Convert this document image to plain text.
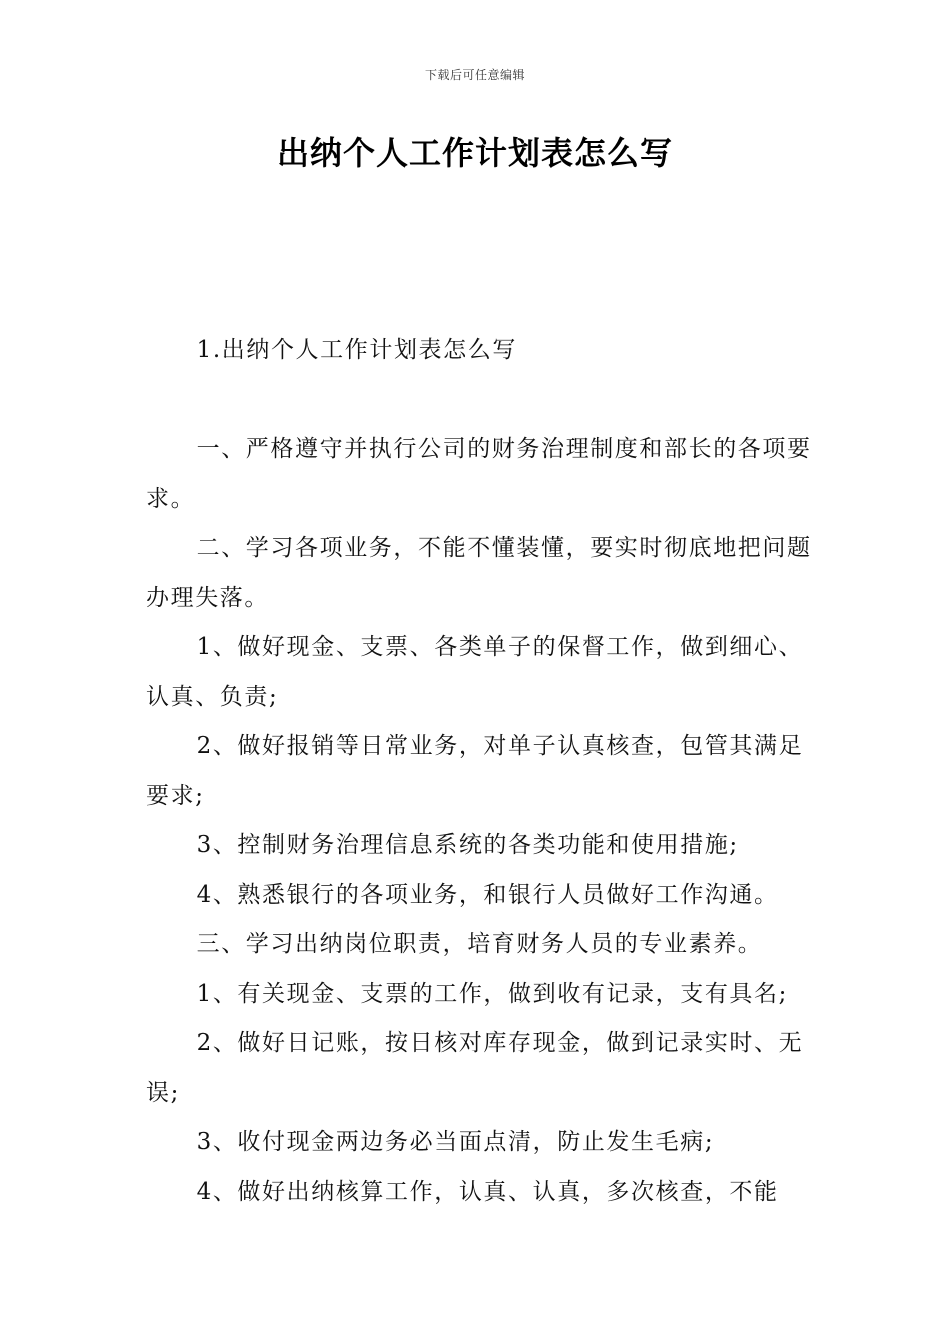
下载后可任意编辑
出纳个人工作计划表怎么写

1.出纳个人工作计划表怎么写

一、严格遵守并执行公司的财务治理制度和部长的各项要求。

二、学习各项业务，不能不懂装懂，要实时彻底地把问题办理失落。

1、做好现金、支票、各类单子的保督工作，做到细心、认真、负责;

2、做好报销等日常业务，对单子认真核查，包管其满足要求;

3、控制财务治理信息系统的各类功能和使用措施;

4、熟悉银行的各项业务，和银行人员做好工作沟通。

三、学习出纳岗位职责，培育财务人员的专业素养。

1、有关现金、支票的工作，做到收有记录，支有具名;

2、做好日记账，按日核对库存现金，做到记录实时、无误;

3、收付现金两边务必当面点清，防止发生毛病;

4、做好出纳核算工作，认真、认真，多次核查，不能
